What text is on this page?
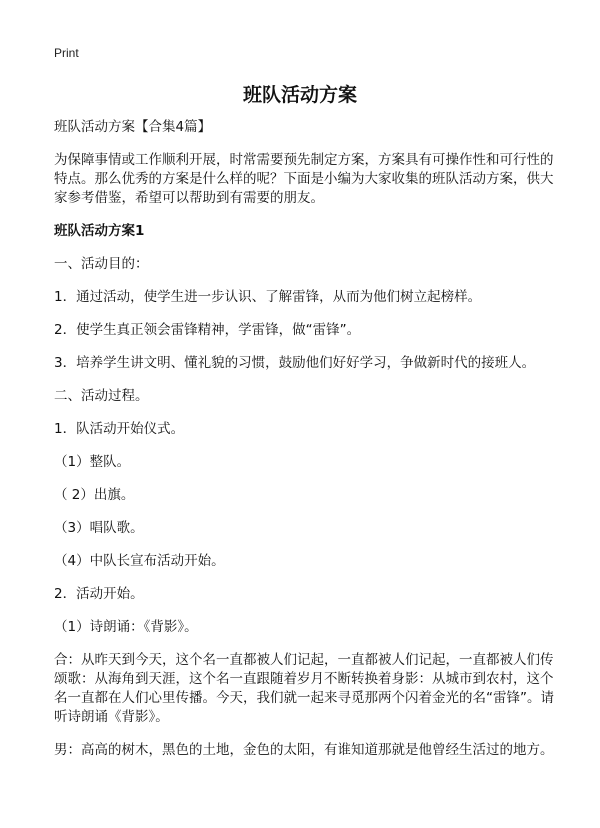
Print
班队活动方案

班队活动方案【合集4篇】

为保障事情或工作顺利开展，时常需要预先制定方案，方案具有可操作性和可行性的特点。那么优秀的方案是什么样的呢？下面是小编为大家收集的班队活动方案，供大家参考借鉴，希望可以帮助到有需要的朋友。

班队活动方案1

一、活动目的：

1．通过活动，使学生进一步认识、了解雷锋，从而为他们树立起榜样。

2．使学生真正领会雷锋精神，学雷锋，做“雷锋”。

3．培养学生讲文明、懂礼貌的习惯，鼓励他们好好学习，争做新时代的接班人。

二、活动过程。

1．队活动开始仪式。

（1）整队。

（ 2）出旗。

（3）唱队歌。

（4）中队长宣布活动开始。

2．活动开始。

（1）诗朗诵：《背影》。

合：从昨天到今天，这个名一直都被人们记起，一直都被人们记起，一直都被人们传颂歌：从海角到天涯，这个名一直跟随着岁月不断转换着身影：从城市到农村，这个名一直都在人们心里传播。今天，我们就一起来寻觅那两个闪着金光的名“雷锋”。请听诗朗诵《背影》。

男：高高的树木，黑色的土地，金色的太阳，有谁知道那就是他曾经生活过的地方。
